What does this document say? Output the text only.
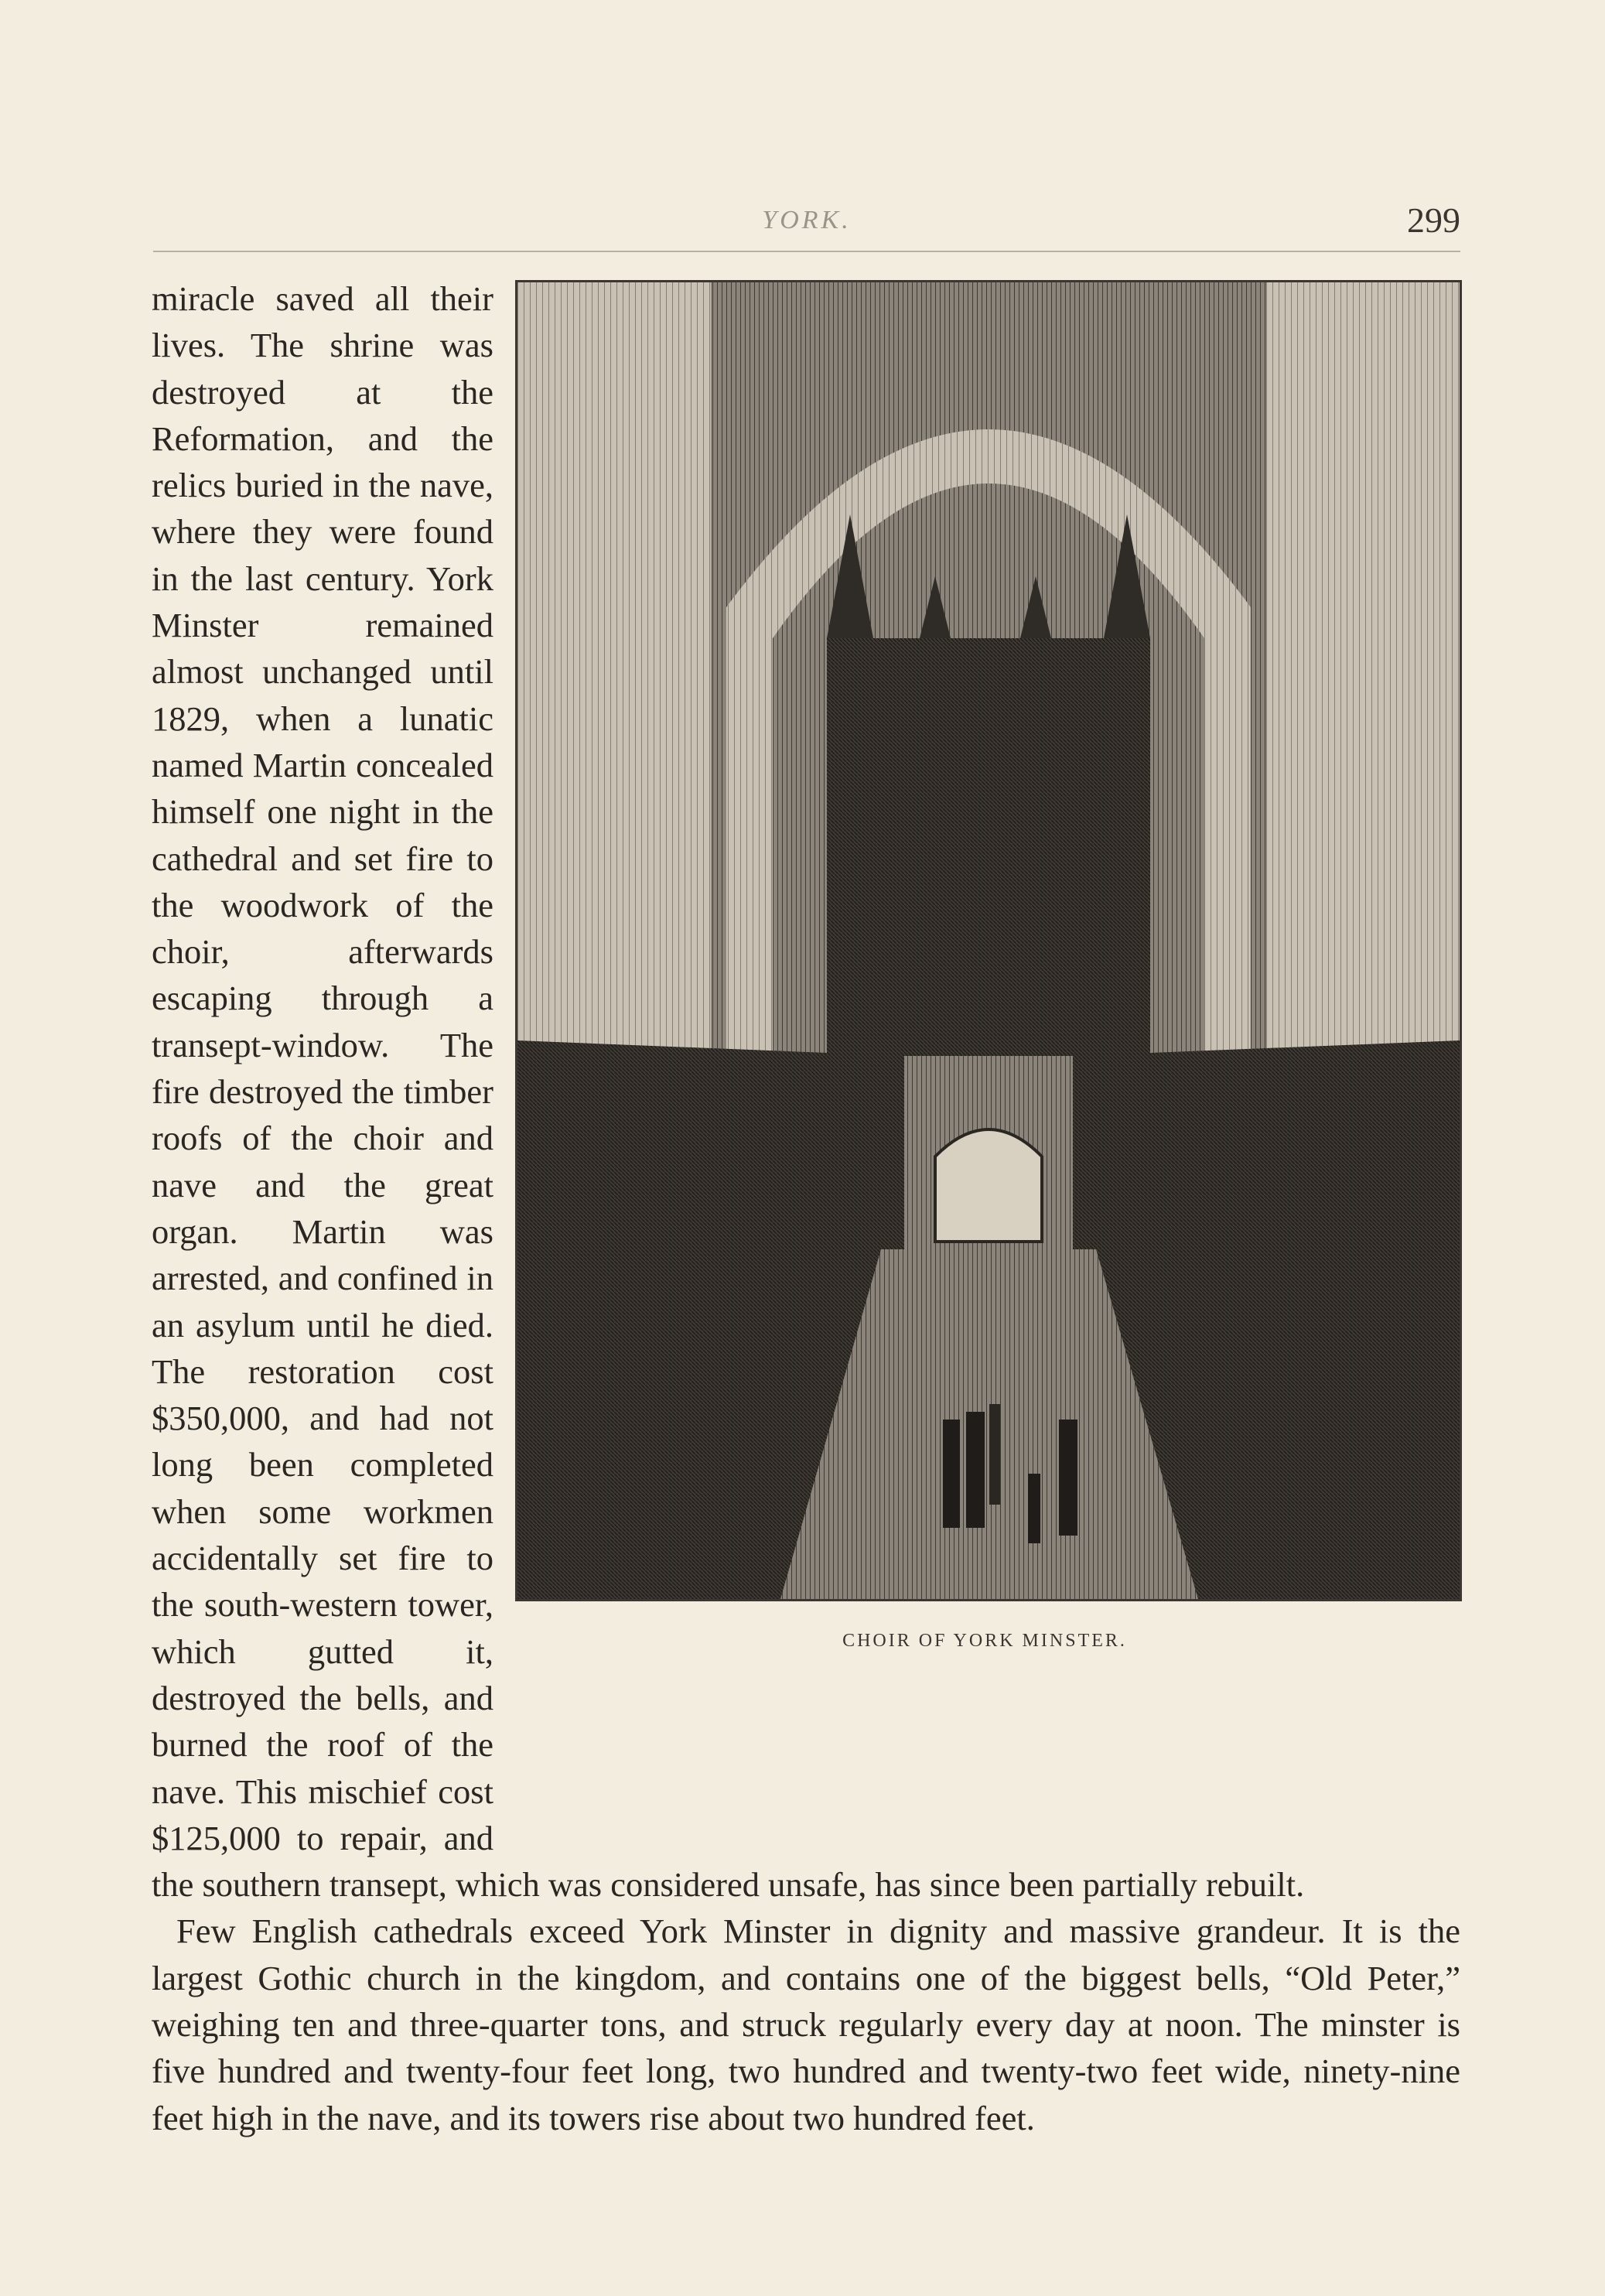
YORK.	299
CHOIR OF YORK MINSTER.

miracle saved all their lives. The shrine was destroyed at the Reformation, and the relics buried in the nave, where they were found in the last century. York Minster remained almost unchanged until 1829, when a lunatic named Martin concealed himself one night in the cathedral and set fire to the woodwork of the choir, afterwards escaping through a transept-window. The fire destroyed the timber roofs of the choir and nave and the great organ. Martin was arrested, and confined in an asylum until he died. The restoration cost $350,000, and had not long been completed when some workmen accidentally set fire to the south-western tower, which gutted it, destroyed the bells, and burned the roof of the nave. This mischief cost $125,000 to repair, and the southern transept, which was considered unsafe, has since been partially rebuilt.

Few English cathedrals exceed York Minster in dignity and massive grandeur. It is the largest Gothic church in the kingdom, and contains one of the biggest bells, “Old Peter,” weighing ten and three-quarter tons, and struck regularly every day at noon. The minster is five hundred and twenty-four feet long, two hundred and twenty-two feet wide, ninety-nine feet high in the nave, and its towers rise about two hundred feet.
